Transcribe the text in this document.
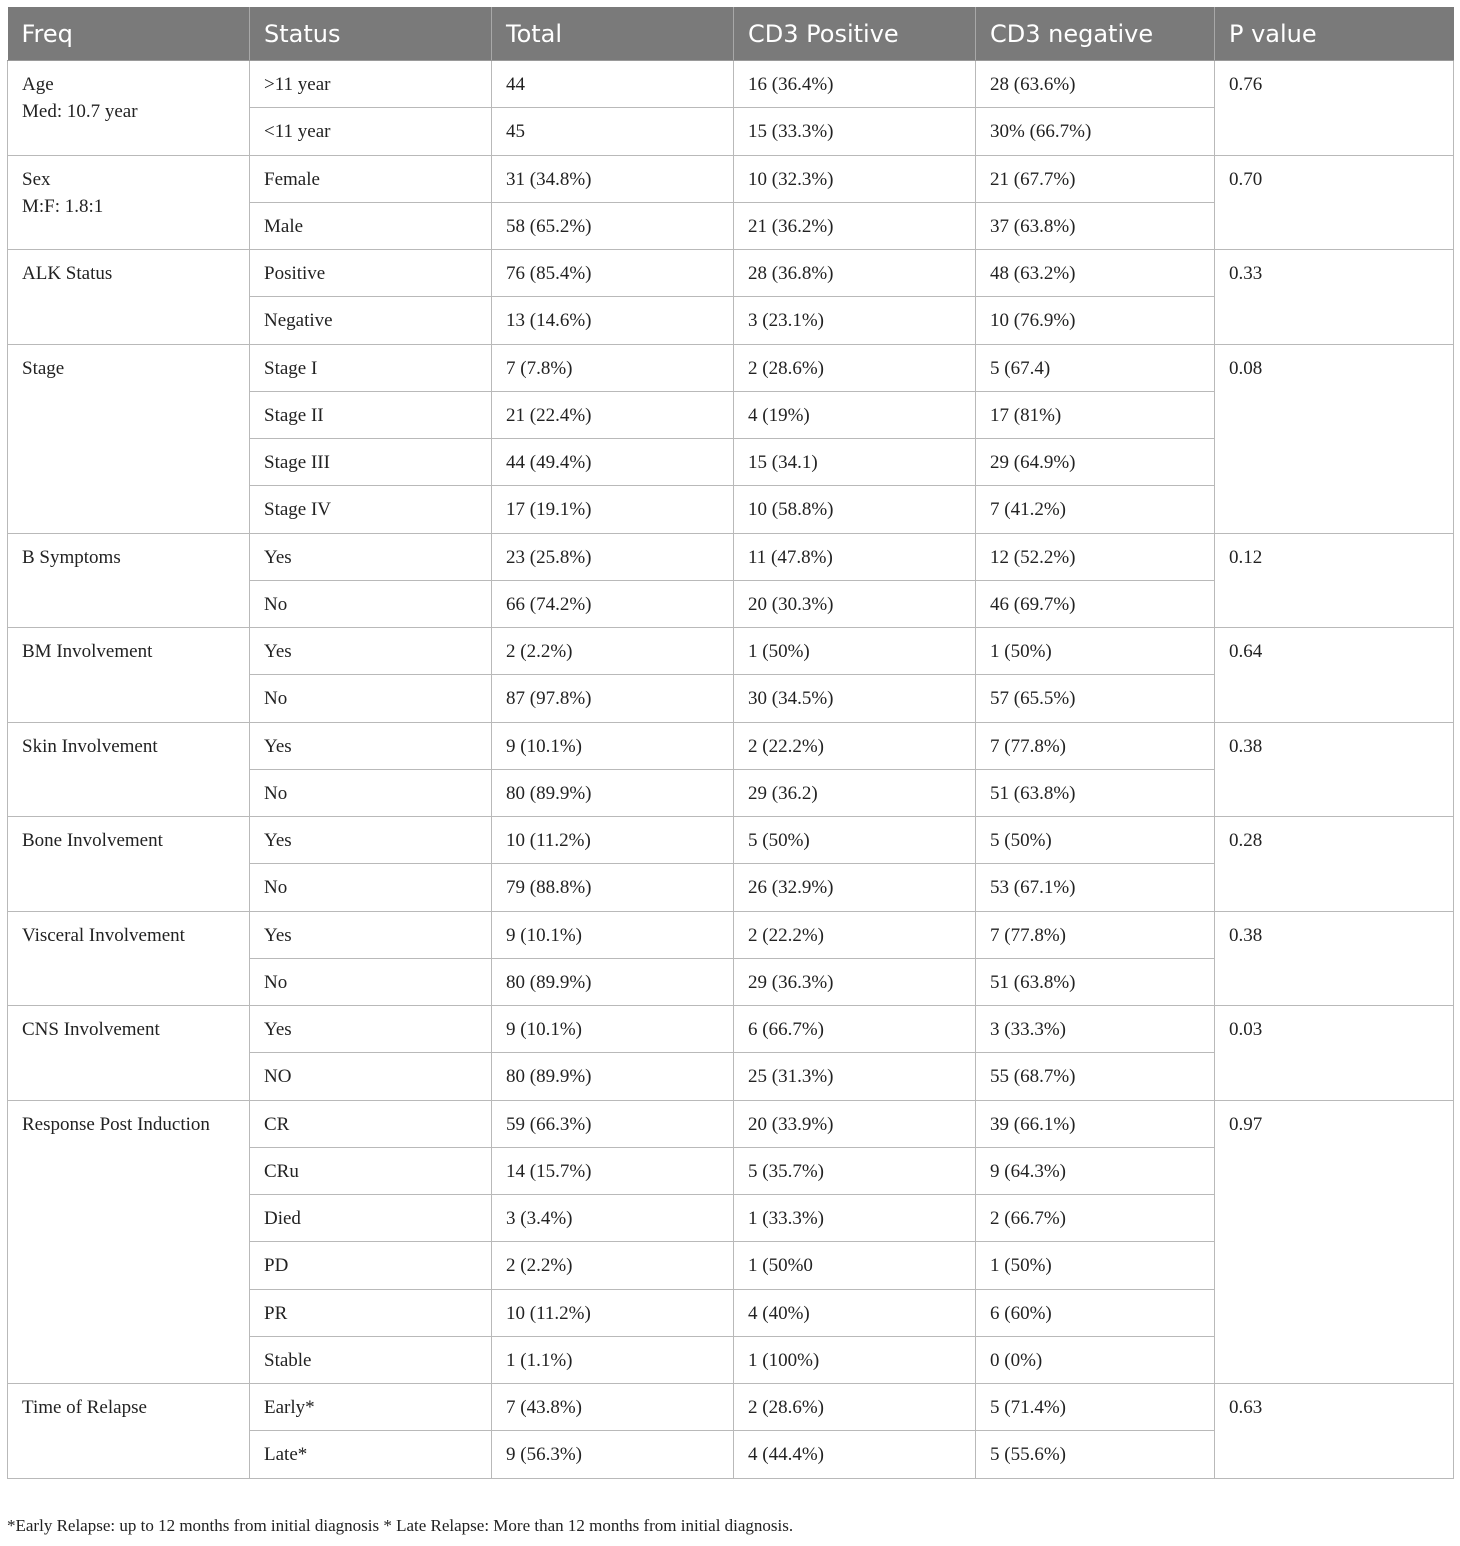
Freq	Status	Total	CD3 Positive	CD3 negative	P value

Age
Med: 10.7 year	>11 year	44	16 (36.4%)	28 (63.6%)	0.76
	<11 year	45	15 (33.3%)	30% (66.7%)	

Sex
M:F: 1.8:1	Female	31 (34.8%)	10 (32.3%)	21 (67.7%)	0.70
	Male	58 (65.2%)	21 (36.2%)	37 (63.8%)	

ALK Status	Positive	76 (85.4%)	28 (36.8%)	48 (63.2%)	0.33
	Negative	13 (14.6%)	3 (23.1%)	10 (76.9%)	

Stage	Stage I	7 (7.8%)	2 (28.6%)	5 (67.4)	0.08
	Stage II	21 (22.4%)	4 (19%)	17 (81%)	
	Stage III	44 (49.4%)	15 (34.1)	29 (64.9%)	
	Stage IV	17 (19.1%)	10 (58.8%)	7 (41.2%)	

B Symptoms	Yes	23 (25.8%)	11 (47.8%)	12 (52.2%)	0.12
	No	66 (74.2%)	20 (30.3%)	46 (69.7%)	

BM Involvement	Yes	2 (2.2%)	1 (50%)	1 (50%)	0.64
	No	87 (97.8%)	30 (34.5%)	57 (65.5%)	

Skin Involvement	Yes	9 (10.1%)	2 (22.2%)	7 (77.8%)	0.38
	No	80 (89.9%)	29 (36.2)	51 (63.8%)	

Bone Involvement	Yes	10 (11.2%)	5 (50%)	5 (50%)	0.28
	No	79 (88.8%)	26 (32.9%)	53 (67.1%)	

Visceral Involvement	Yes	9 (10.1%)	2 (22.2%)	7 (77.8%)	0.38
	No	80 (89.9%)	29 (36.3%)	51 (63.8%)	

CNS Involvement	Yes	9 (10.1%)	6 (66.7%)	3 (33.3%)	0.03
	NO	80 (89.9%)	25 (31.3%)	55 (68.7%)	

Response Post Induction	CR	59 (66.3%)	20 (33.9%)	39 (66.1%)	0.97
	CRu	14 (15.7%)	5 (35.7%)	9 (64.3%)	
	Died	3 (3.4%)	1 (33.3%)	2 (66.7%)	
	PD	2 (2.2%)	1 (50%0	1 (50%)	
	PR	10 (11.2%)	4 (40%)	6 (60%)	
	Stable	1 (1.1%)	1 (100%)	0 (0%)	

Time of Relapse	Early*	7 (43.8%)	2 (28.6%)	5 (71.4%)	0.63
	Late*	9 (56.3%)	4 (44.4%)	5 (55.6%)	
*Early Relapse: up to 12 months from initial diagnosis * Late Relapse: More than 12 months from initial diagnosis.
